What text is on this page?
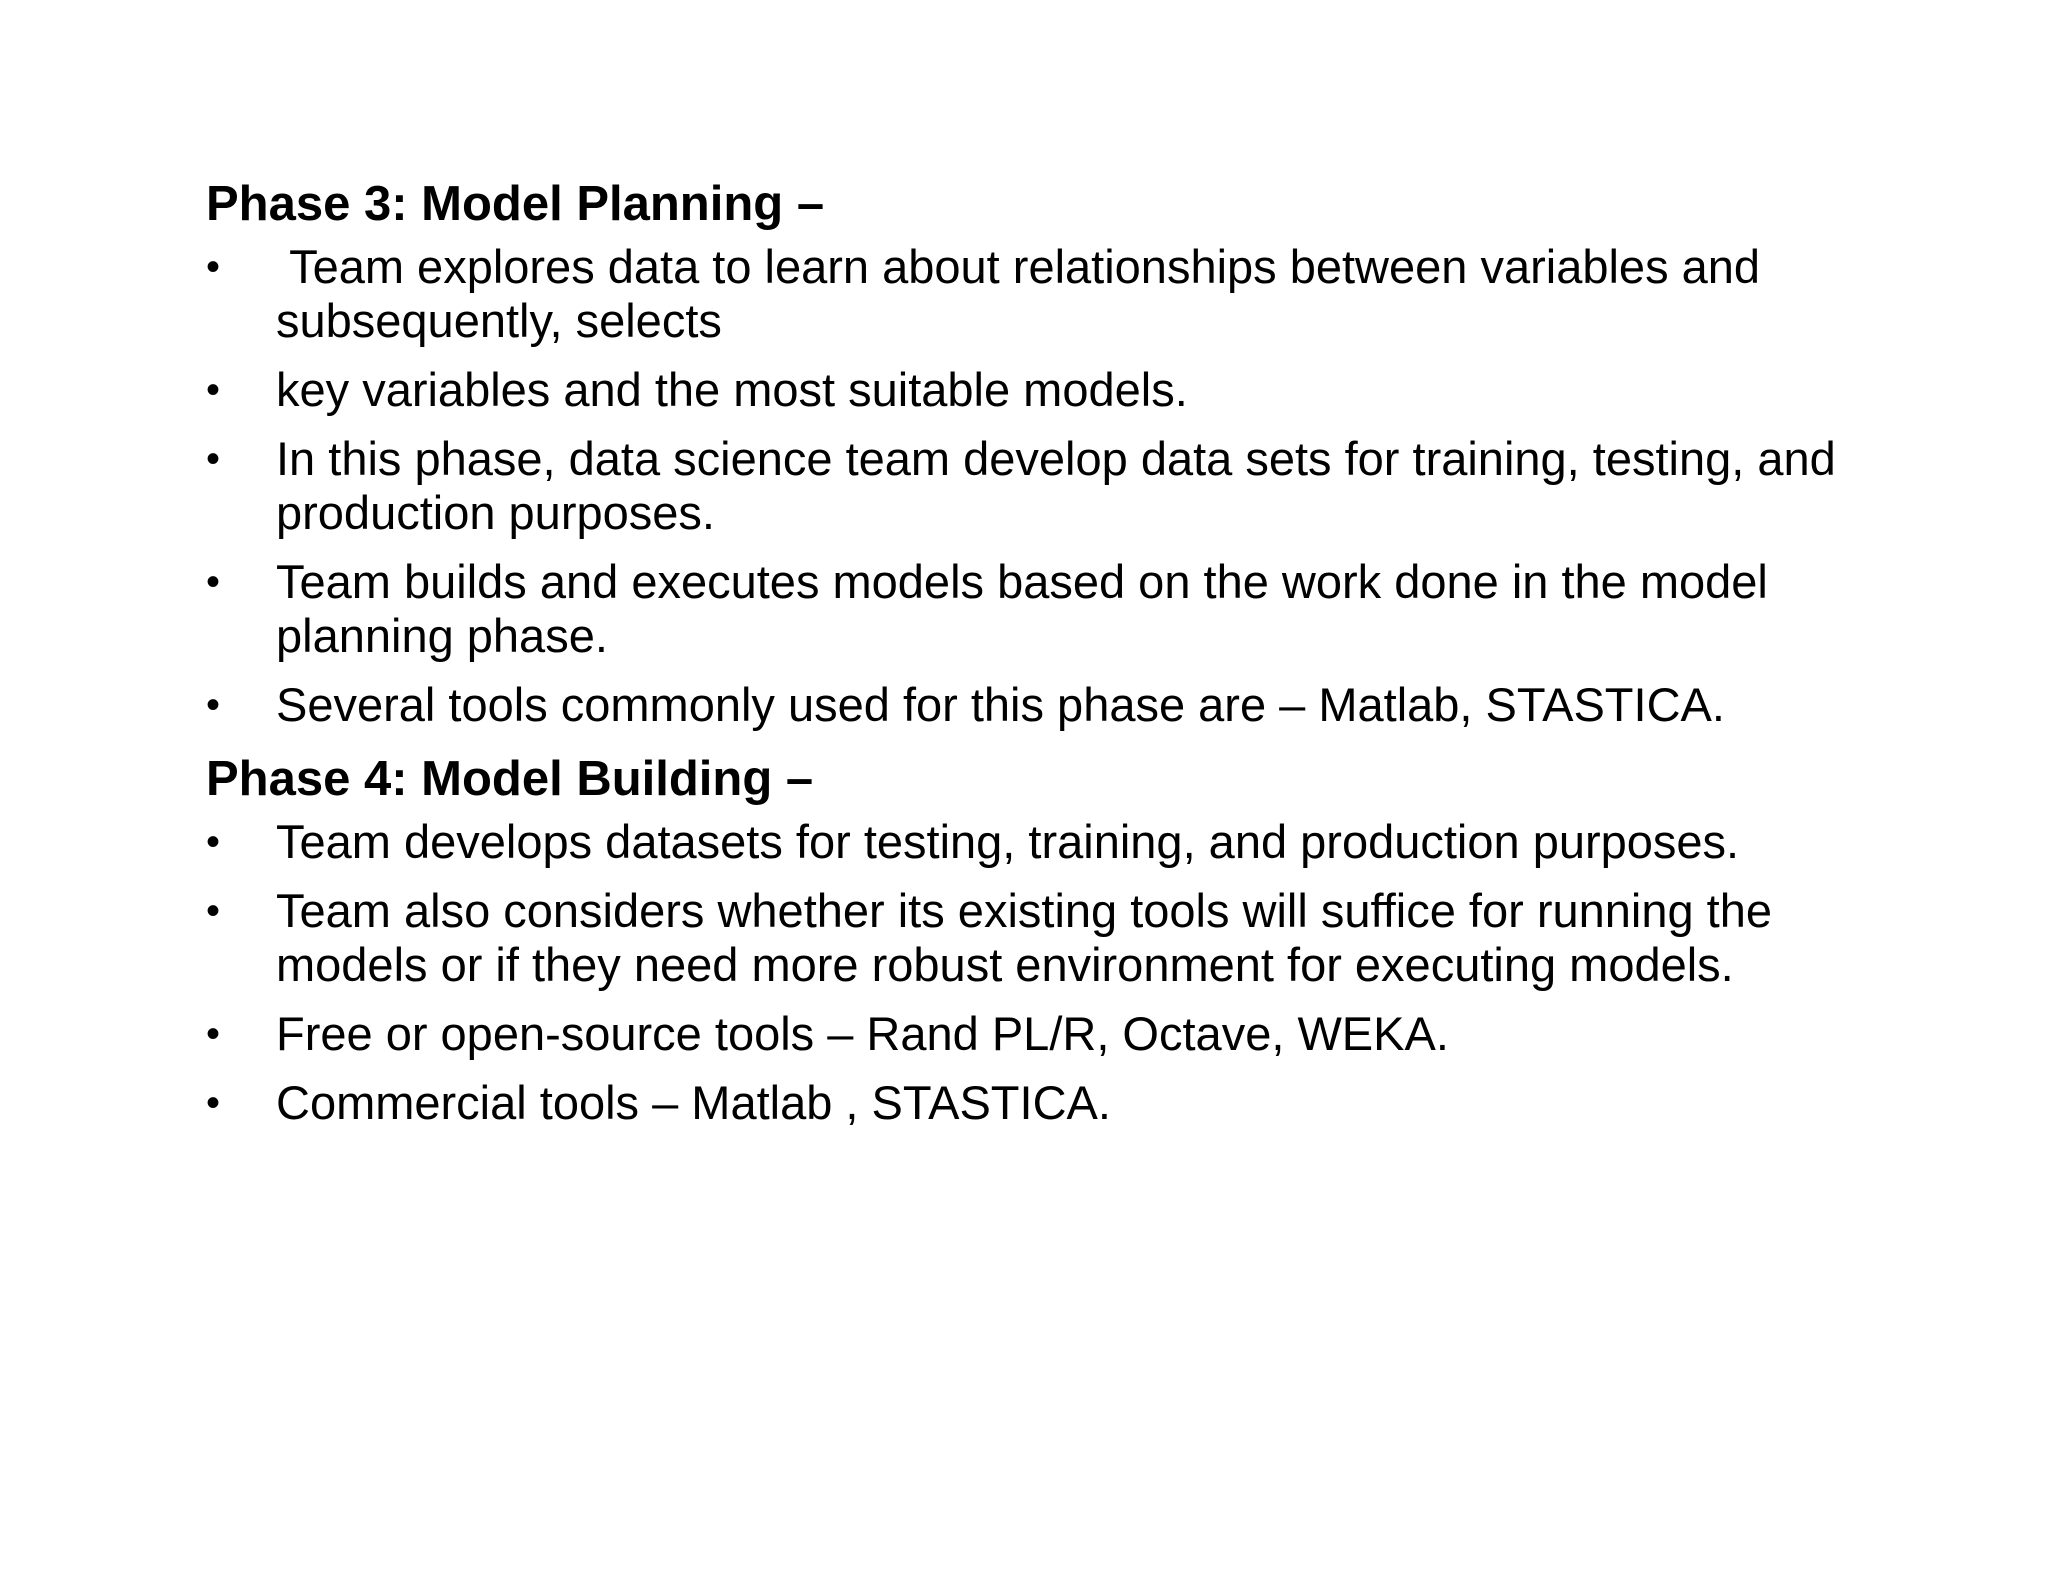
Phase 3: Model Planning –
•	Team explores data to learn about relationships between variables and subsequently, selects
•	key variables and the most suitable models.
•	In this phase, data science team develop data sets for training, testing, and production purposes.
•	Team builds and executes models based on the work done in the model planning phase.
•	Several tools commonly used for this phase are – Matlab, STASTICA.
Phase 4: Model Building –
•	Team develops datasets for testing, training, and production purposes.
•	Team also considers whether its existing tools will suffice for running the models or if they need more robust environment for executing models.
•	Free or open-source tools – Rand PL/R, Octave, WEKA.
•	Commercial tools – Matlab , STASTICA.
